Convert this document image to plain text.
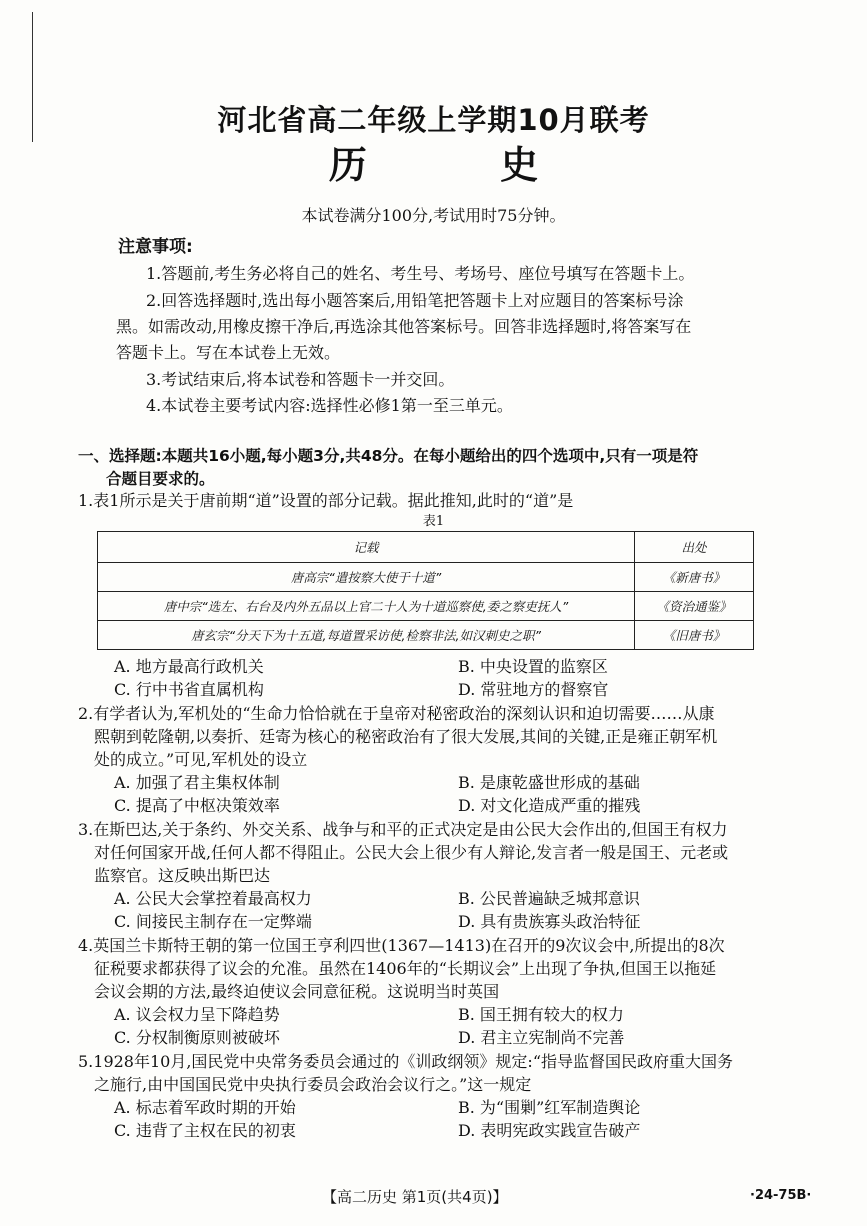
河北省高二年级上学期10月联考
历 史
本试卷满分100分,考试用时75分钟。
注意事项:
1.答题前,考生务必将自己的姓名、考生号、考场号、座位号填写在答题卡上。
2.回答选择题时,选出每小题答案后,用铅笔把答题卡上对应题目的答案标号涂
黑。如需改动,用橡皮擦干净后,再选涂其他答案标号。回答非选择题时,将答案写在
答题卡上。写在本试卷上无效。
3.考试结束后,将本试卷和答题卡一并交回。
4.本试卷主要考试内容:选择性必修1第一至三单元。
一、选择题:本题共16小题,每小题3分,共48分。在每小题给出的四个选项中,只有一项是符
合题目要求的。
1.表1所示是关于唐前期“道”设置的部分记载。据此推知,此时的“道”是
表1
记载	出处
唐高宗“遣按察大使于十道”	《新唐书》
唐中宗“选左、右台及内外五品以上官二十人为十道巡察使,委之察吏抚人”	《资治通鉴》
唐玄宗“分天下为十五道,每道置采访使,检察非法,如汉刺史之职”	《旧唐书》
A. 地方最高行政机关	B. 中央设置的监察区
C. 行中书省直属机构	D. 常驻地方的督察官
2.有学者认为,军机处的“生命力恰恰就在于皇帝对秘密政治的深刻认识和迫切需要……从康
熙朝到乾隆朝,以奏折、廷寄为核心的秘密政治有了很大发展,其间的关键,正是雍正朝军机
处的成立。”可见,军机处的设立
A. 加强了君主集权体制	B. 是康乾盛世形成的基础
C. 提高了中枢决策效率	D. 对文化造成严重的摧残
3.在斯巴达,关于条约、外交关系、战争与和平的正式决定是由公民大会作出的,但国王有权力
对任何国家开战,任何人都不得阻止。公民大会上很少有人辩论,发言者一般是国王、元老或
监察官。这反映出斯巴达
A. 公民大会掌控着最高权力	B. 公民普遍缺乏城邦意识
C. 间接民主制存在一定弊端	D. 具有贵族寡头政治特征
4.英国兰卡斯特王朝的第一位国王亨利四世(1367—1413)在召开的9次议会中,所提出的8次
征税要求都获得了议会的允准。虽然在1406年的“长期议会”上出现了争执,但国王以拖延
会议会期的方法,最终迫使议会同意征税。这说明当时英国
A. 议会权力呈下降趋势	B. 国王拥有较大的权力
C. 分权制衡原则被破坏	D. 君主立宪制尚不完善
5.1928年10月,国民党中央常务委员会通过的《训政纲领》规定:“指导监督国民政府重大国务
之施行,由中国国民党中央执行委员会政治会议行之。”这一规定
A. 标志着军政时期的开始	B. 为“围剿”红军制造舆论
C. 违背了主权在民的初衷	D. 表明宪政实践宣告破产
【高二历史 第1页(共4页)】	·24-75B·
